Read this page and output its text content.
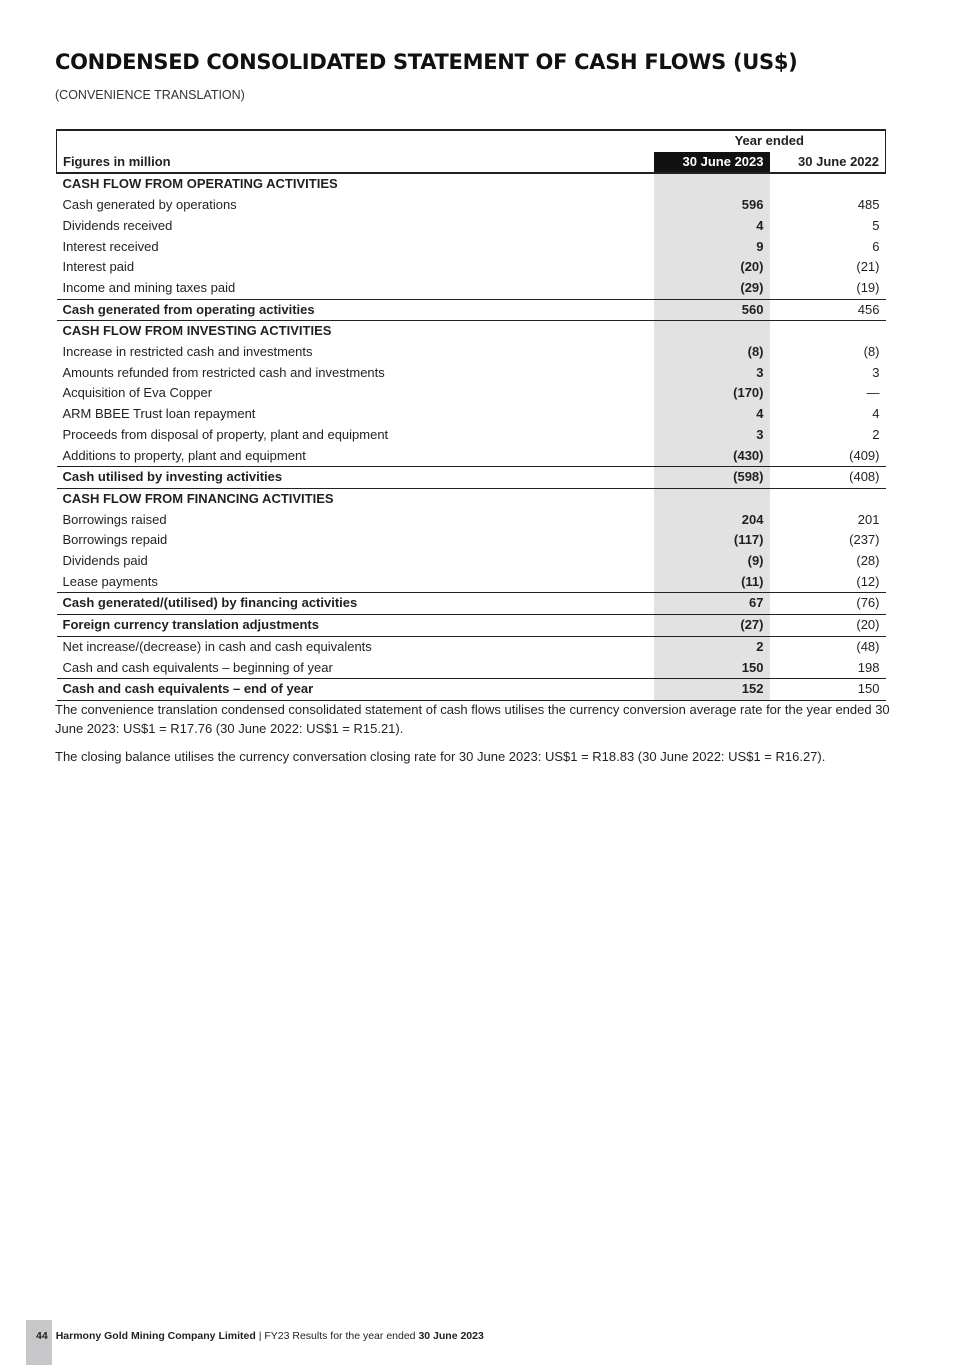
CONDENSED CONSOLIDATED STATEMENT OF CASH FLOWS (US$)
(CONVENIENCE TRANSLATION)
	Year ended	
Figures in million	30 June 2023	30 June 2022
CASH FLOW FROM OPERATING ACTIVITIES		
Cash generated by operations	596	485
Dividends received	4	5
Interest received	9	6
Interest paid	(20)	(21)
Income and mining taxes paid	(29)	(19)
Cash generated from operating activities	560	456
CASH FLOW FROM INVESTING ACTIVITIES		
Increase in restricted cash and investments	(8)	(8)
Amounts refunded from restricted cash and investments	3	3
Acquisition of Eva Copper	(170)	—
ARM BBEE Trust loan repayment	4	4
Proceeds from disposal of property, plant and equipment	3	2
Additions to property, plant and equipment	(430)	(409)
Cash utilised by investing activities	(598)	(408)
CASH FLOW FROM FINANCING ACTIVITIES		
Borrowings raised	204	201
Borrowings repaid	(117)	(237)
Dividends paid	(9)	(28)
Lease payments	(11)	(12)
Cash generated/(utilised) by financing activities	67	(76)
Foreign currency translation adjustments	(27)	(20)
Net increase/(decrease) in cash and cash equivalents	2	(48)
Cash and cash equivalents – beginning of year	150	198
Cash and cash equivalents – end of year	152	150

The convenience translation condensed consolidated statement of cash flows utilises the currency conversion average rate for the year ended 30 June 2023: US$1 = R17.76 (30 June 2022: US$1 = R15.21).

The closing balance utilises the currency conversation closing rate for 30 June 2023: US$1 = R18.83 (30 June 2022: US$1 = R16.27).

44 Harmony Gold Mining Company Limited | FY23 Results for the year ended 30 June 2023
